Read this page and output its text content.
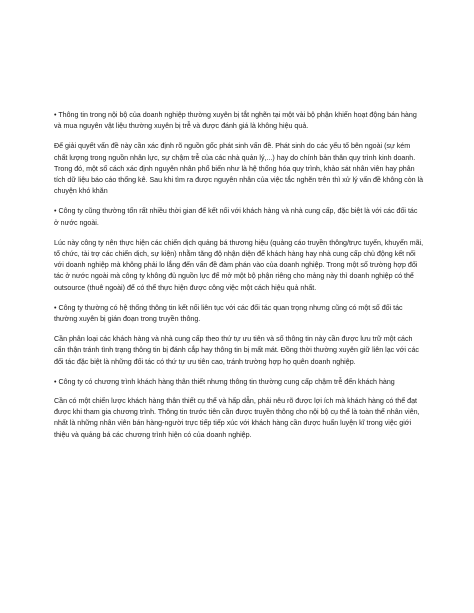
• Thông tin trong nội bộ của doanh nghiệp thường xuyên bị tắt nghẽn tại một vài bộ phận khiến hoạt động bán hàng và mua nguyên vật liệu thường xuyên bị trễ và được đánh giá là không hiệu quả.

Để giải quyết vấn đề này cần xác định rõ nguồn gốc phát sinh vấn đề. Phát sinh do các yếu tố bên ngoài (sự kém chất lượng trong nguồn nhân lực, sự chậm trễ của các nhà quản lý,...) hay do chính bản thân quy trình kinh doanh. Trong đó, một số cách xác định nguyên nhân phổ biến như là hệ thống hóa quy trình, khảo sát nhân viên hay phân tích dữ liệu báo cáo thống kê. Sau khi tìm ra được nguyên nhân của việc tắc nghẽn trên thì xử lý vấn đề không còn là chuyện khó khăn

• Công ty cũng thường tốn rất nhiều thời gian để kết nối với khách hàng và nhà cung cấp, đặc biệt là với các đối tác ở nước ngoài.

Lúc này công ty nên thực hiện các chiến dịch quảng bá thương hiệu (quảng cáo truyền thông/trực tuyến, khuyến mãi, tổ chức, tài trợ các chiến dịch, sự kiện) nhằm tăng độ nhận diện để khách hàng hay nhà cung cấp chủ động kết nối với doanh nghiệp mà không phải lo lắng đến vấn đề đàm phán vào của doanh nghiệp. Trong một số trường hợp đối tác ở nước ngoài mà công ty không đủ nguồn lực để mở một bộ phận riêng cho mảng này thì doanh nghiệp có thể outsource (thuê ngoài) để có thể thực hiện được công việc một cách hiệu quả nhất.

• Công ty thường có hệ thống thông tin kết nối liên tục với các đối tác quan trọng nhưng cũng có một số đối tác thường xuyên bị gián đoạn trong truyền thông.

Cần phân loại các khách hàng và nhà cung cấp theo thứ tự ưu tiên và số thông tin này cần được lưu trữ một cách cẩn thận tránh tình trạng thông tin bị đánh cắp hay thông tin bị mất mát. Đồng thời thường xuyên giữ liên lạc với các đối tác đặc biệt là những đối tác có thứ tự ưu tiên cao, tránh trường hợp họ quên doanh nghiệp.

• Công ty có chương trình khách hàng thân thiết nhưng thông tin thường cung cấp chậm trễ đến khách hàng

Cần có một chiến lược khách hàng thân thiết cụ thể và hấp dẫn, phải nêu rõ được lợi ích mà khách hàng có thể đạt được khi tham gia chương trình. Thông tin trước tiên cần được truyền thông cho nội bộ cụ thể là toàn thể nhân viên, nhất là những nhân viên bán hàng-người trực tiếp tiếp xúc với khách hàng cần được huấn luyện kĩ trong việc giới thiệu và quảng bá các chương trình hiện có của doanh nghiệp.
